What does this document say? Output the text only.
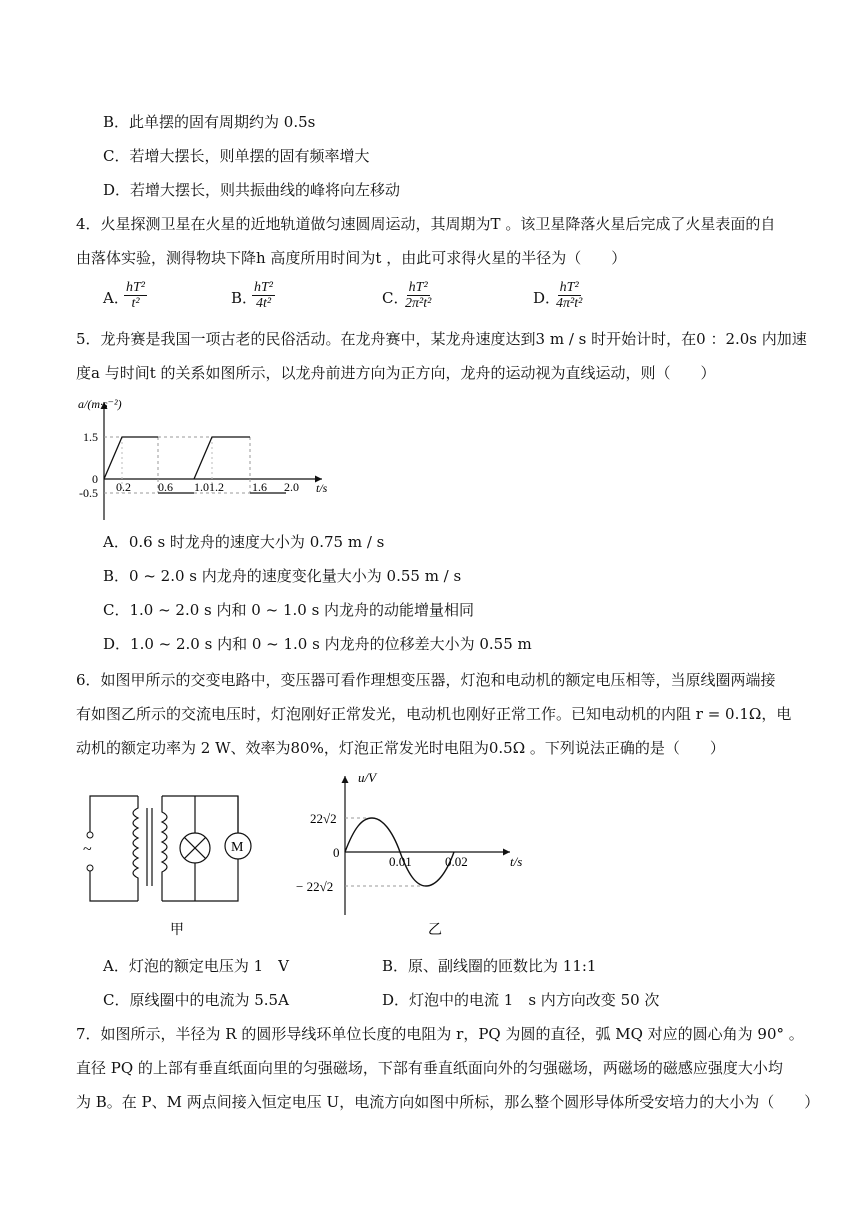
B．此单摆的固有周期约为 0.5s
C．若增大摆长，则单摆的固有频率增大
D．若增大摆长，则共振曲线的峰将向左移动
4．火星探测卫星在火星的近地轨道做匀速圆周运动，其周期为T 。该卫星降落火星后完成了火星表面的自
由落体实验，测得物块下降h 高度所用时间为t ，由此可求得火星的半径为（　　）
A．
$\frac{\text{hT²}}{\text{t²}}$	B．
$\frac{\text{hT²}}{\text{4t²}}$	C．
$\frac{\text{hT²}}{\text{2π²t²}}$	D．
$\frac{\text{hT²}}{\text{4π²t²}}$
5．龙舟赛是我国一项古老的民俗活动。在龙舟赛中，某龙舟速度达到3 m / s 时开始计时，在0 ：2.0s 内加速
度a 与时间t 的关系如图所示，以龙舟前进方向为正方向，龙舟的运动视为直线运动，则（　　）
a/(m·s⁻²)
t/s
0
1.5
-0.5 0.2 0.6 1.01.2 1.6 2.0
A．0.6 s 时龙舟的速度大小为 0.75 m / s
B．0 ~ 2.0 s 内龙舟的速度变化量大小为 0.55 m / s
C．1.0 ~ 2.0 s 内和 0 ~ 1.0 s 内龙舟的动能增量相同
D．1.0 ~ 2.0 s 内和 0 ~ 1.0 s 内龙舟的位移差大小为 0.55 m
6．如图甲所示的交变电路中，变压器可看作理想变压器，灯泡和电动机的额定电压相等，当原线圈两端接
有如图乙所示的交流电压时，灯泡刚好正常发光，电动机也刚好正常工作。已知电动机的内阻 r = 0.1Ω，电
动机的额定功率为 2 W、效率为80%，灯泡正常发光时电阻为0.5Ω 。下列说法正确的是（　　）
~	M
甲
u/V
t/s
0
22√2
− 22√2
0.01	0.02
乙
A．灯泡的额定电压为 1　V	B．原、副线圈的匝数比为 11:1
C．原线圈中的电流为 5.5A	D．灯泡中的电流 1　s 内方向改变 50 次
7．如图所示，半径为 R 的圆形导线环单位长度的电阻为 r，PQ 为圆的直径，弧 MQ 对应的圆心角为 90° 。
直径 PQ 的上部有垂直纸面向里的匀强磁场，下部有垂直纸面向外的匀强磁场，两磁场的磁感应强度大小均
为 B。在 P、M 两点间接入恒定电压 U，电流方向如图中所标，那么整个圆形导体所受安培力的大小为（　　）
